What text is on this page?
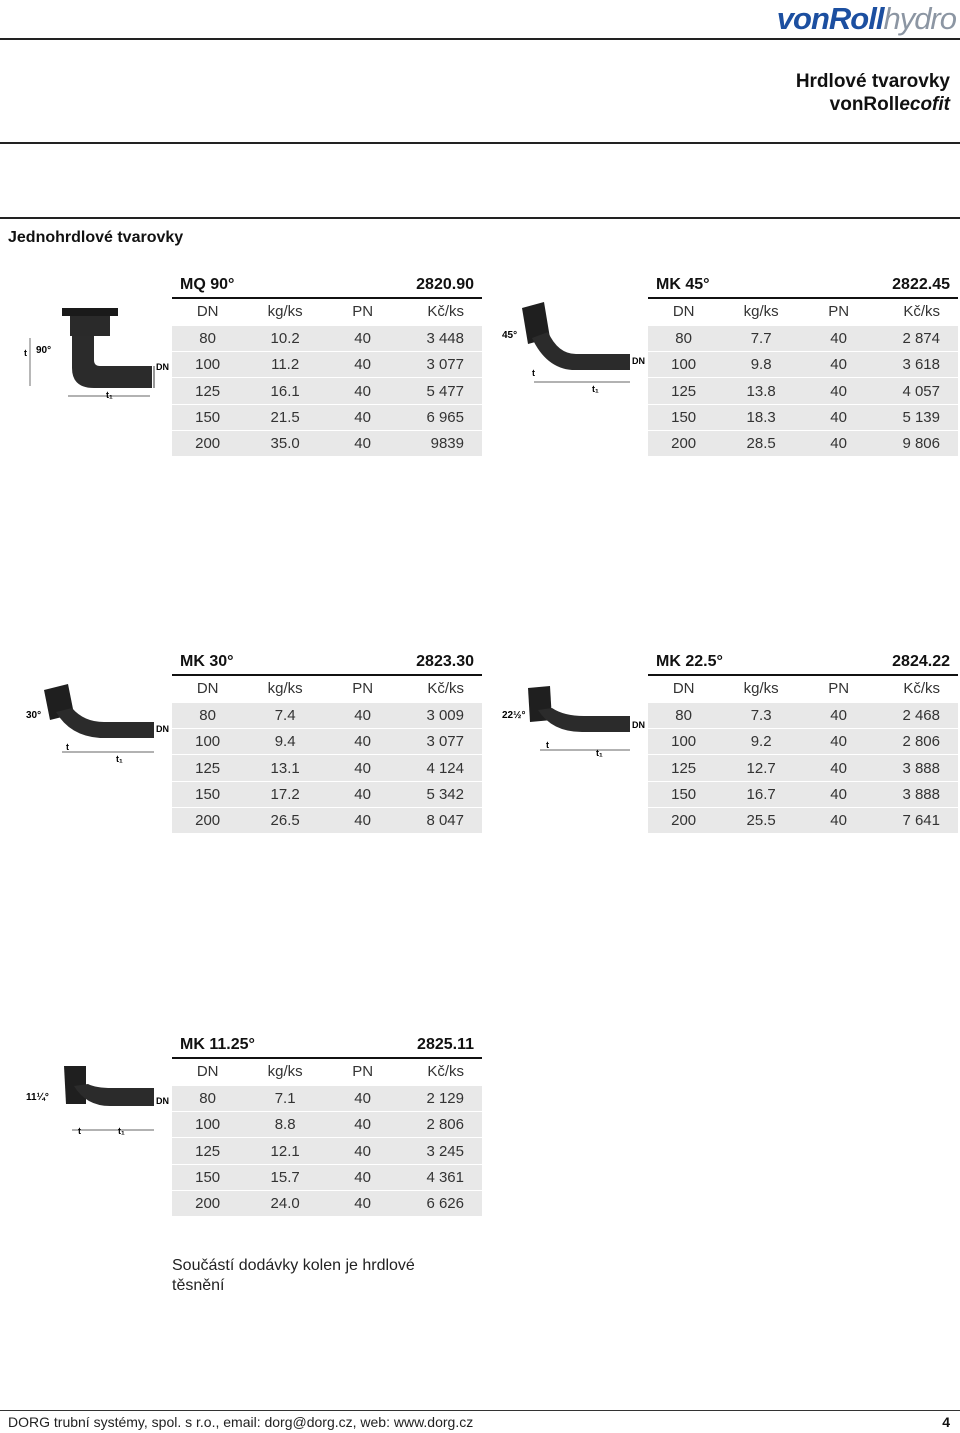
vonRollhydro
Hrdlové tvarovky
vonRollecofit
Jednohrdlové tvarovky
MQ 90°	2820.90
DN	kg/ks	PN	Kč/ks
80	10.2	40	3 448
100	11.2	40	3 077
125	16.1	40	5 477
150	21.5	40	6 965
200	35.0	40	9839
MK 45°	2822.45
DN	kg/ks	PN	Kč/ks
80	7.7	40	2 874
100	9.8	40	3 618
125	13.8	40	4 057
150	18.3	40	5 139
200	28.5	40	9 806
MK 30°	2823.30
DN	kg/ks	PN	Kč/ks
80	7.4	40	3 009
100	9.4	40	3 077
125	13.1	40	4 124
150	17.2	40	5 342
200	26.5	40	8 047
MK 22.5°	2824.22
DN	kg/ks	PN	Kč/ks
80	7.3	40	2 468
100	9.2	40	2 806
125	12.7	40	3 888
150	16.7	40	3 888
200	25.5	40	7 641
MK 11.25°	2825.11
DN	kg/ks	PN	Kč/ks
80	7.1	40	2 129
100	8.8	40	2 806
125	12.1	40	3 245
150	15.7	40	4 361
200	24.0	40	6 626
90°
DN
t
t₁
45°
DN
t
t₁
30°
DN
t
t₁
22½°
DN
t
t₁
11¼°	DN
t	t₁
Součástí dodávky kolen je hrdlové těsnění
DORG trubní systémy, spol. s r.o., email: dorg@dorg.cz, web: www.dorg.cz	4
